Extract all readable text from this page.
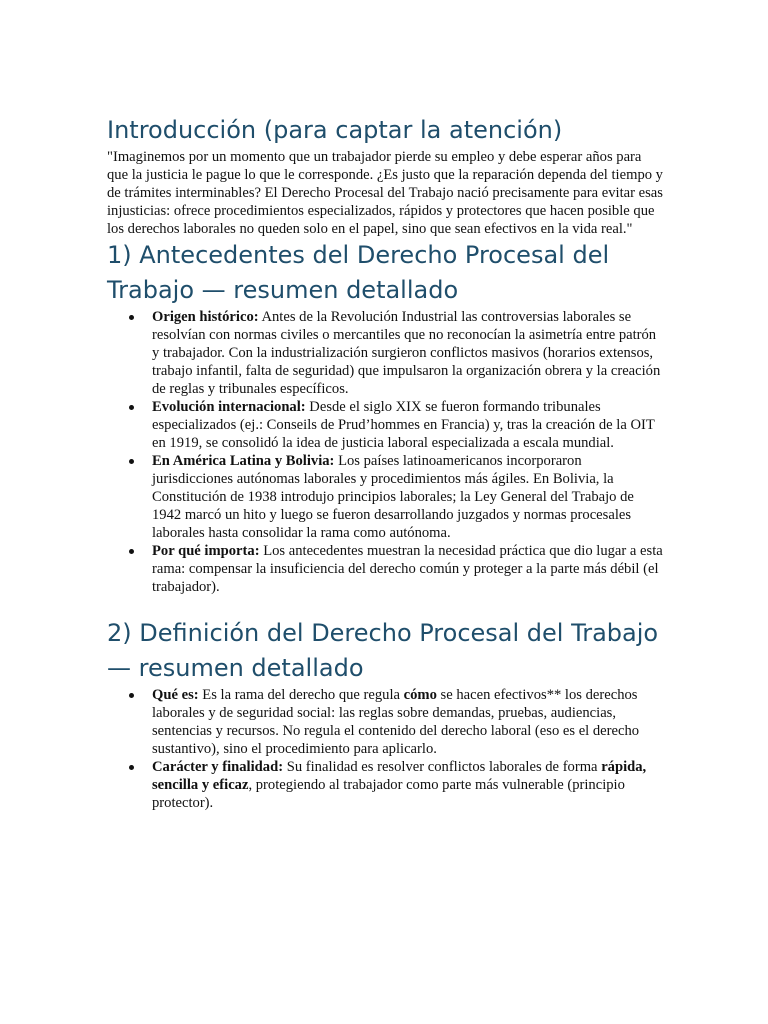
Introducción (para captar la atención)

"Imaginemos por un momento que un trabajador pierde su empleo y debe esperar años para que la justicia le pague lo que le corresponde. ¿Es justo que la reparación dependa del tiempo y de trámites interminables? El Derecho Procesal del Trabajo nació precisamente para evitar esas injusticias: ofrece procedimientos especializados, rápidos y protectores que hacen posible que los derechos laborales no queden solo en el papel, sino que sean efectivos en la vida real."

1) Antecedentes del Derecho Procesal del Trabajo — resumen detallado
Origen histórico: Antes de la Revolución Industrial las controversias laborales se resolvían con normas civiles o mercantiles que no reconocían la asimetría entre patrón y trabajador. Con la industrialización surgieron conflictos masivos (horarios extensos, trabajo infantil, falta de seguridad) que impulsaron la organización obrera y la creación de reglas y tribunales específicos.
Evolución internacional: Desde el siglo XIX se fueron formando tribunales especializados (ej.: Conseils de Prud’hommes en Francia) y, tras la creación de la OIT en 1919, se consolidó la idea de justicia laboral especializada a escala mundial.
En América Latina y Bolivia: Los países latinoamericanos incorporaron jurisdicciones autónomas laborales y procedimientos más ágiles. En Bolivia, la Constitución de 1938 introdujo principios laborales; la Ley General del Trabajo de 1942 marcó un hito y luego se fueron desarrollando juzgados y normas procesales laborales hasta consolidar la rama como autónoma.
Por qué importa: Los antecedentes muestran la necesidad práctica que dio lugar a esta rama: compensar la insuficiencia del derecho común y proteger a la parte más débil (el trabajador).
2) Definición del Derecho Procesal del Trabajo — resumen detallado
Qué es: Es la rama del derecho que regula cómo se hacen efectivos** los derechos laborales y de seguridad social: las reglas sobre demandas, pruebas, audiencias, sentencias y recursos. No regula el contenido del derecho laboral (eso es el derecho sustantivo), sino el procedimiento para aplicarlo.
Carácter y finalidad: Su finalidad es resolver conflictos laborales de forma rápida, sencilla y eficaz, protegiendo al trabajador como parte más vulnerable (principio protector).
